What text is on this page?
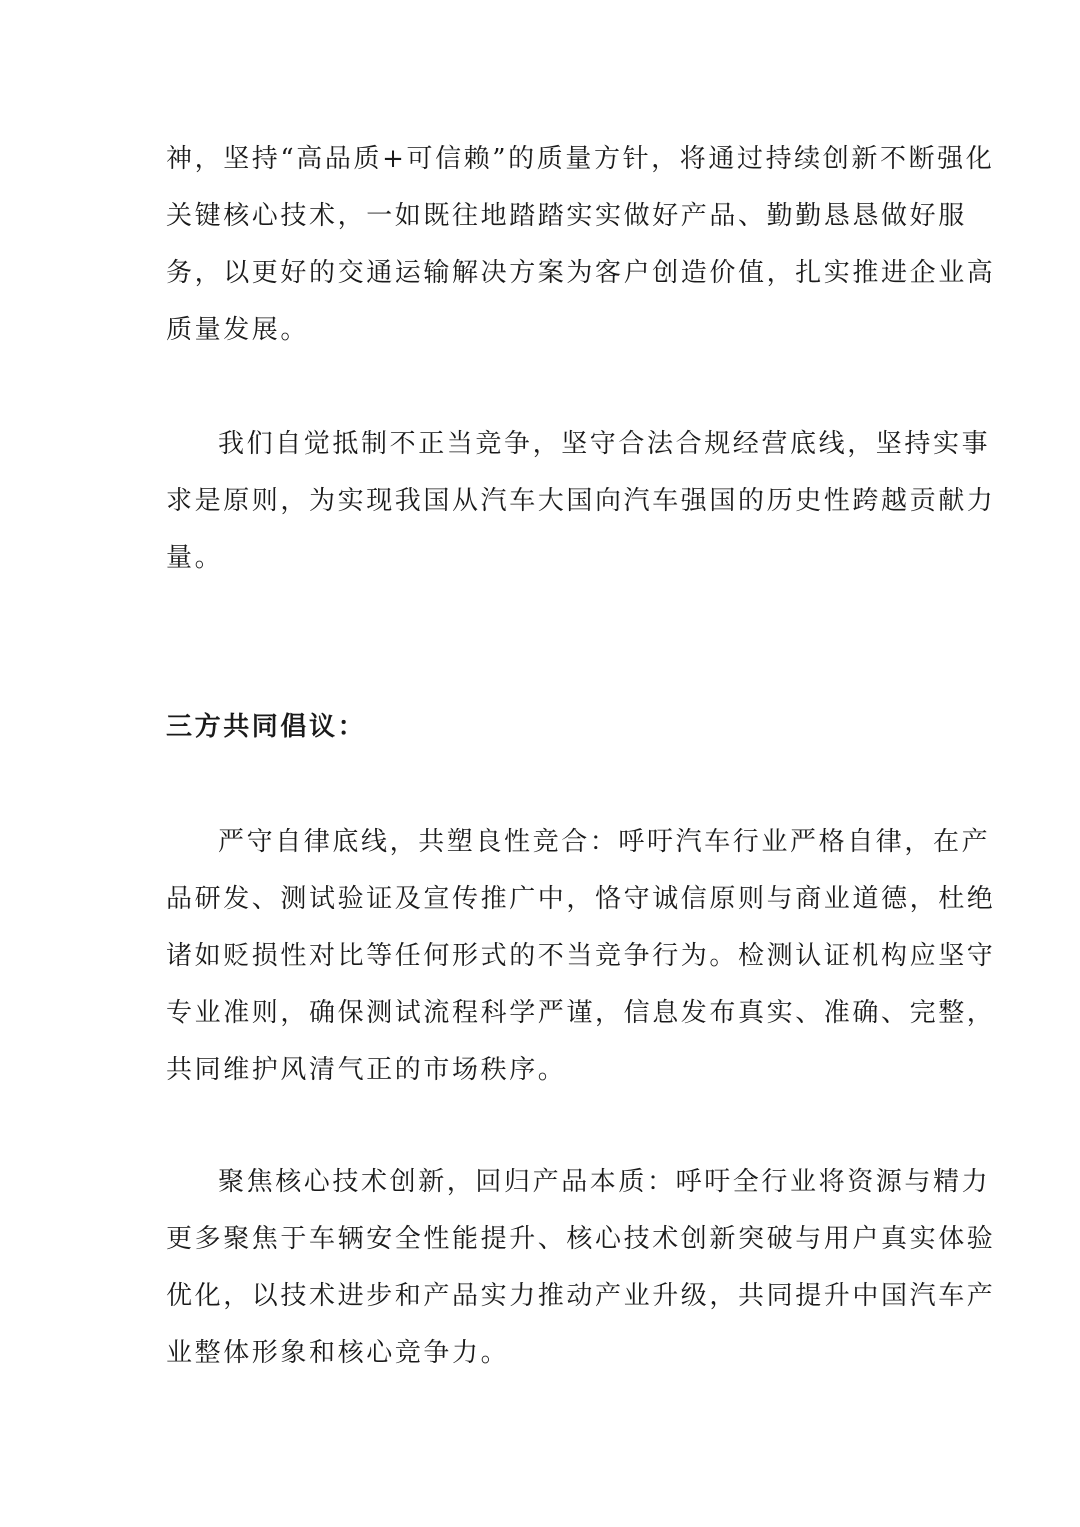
神，坚持“高品质+可信赖”的质量方针，将通过持续创新不断强化
关键核心技术，一如既往地踏踏实实做好产品、勤勤恳恳做好服
务，以更好的交通运输解决方案为客户创造价值，扎实推进企业高
质量发展。
我们自觉抵制不正当竞争，坚守合法合规经营底线，坚持实事
求是原则，为实现我国从汽车大国向汽车强国的历史性跨越贡献力
量。
三方共同倡议：
严守自律底线，共塑良性竞合：呼吁汽车行业严格自律，在产
品研发、测试验证及宣传推广中，恪守诚信原则与商业道德，杜绝
诸如贬损性对比等任何形式的不当竞争行为。检测认证机构应坚守
专业准则，确保测试流程科学严谨，信息发布真实、准确、完整，
共同维护风清气正的市场秩序。
聚焦核心技术创新，回归产品本质：呼吁全行业将资源与精力
更多聚焦于车辆安全性能提升、核心技术创新突破与用户真实体验
优化，以技术进步和产品实力推动产业升级，共同提升中国汽车产
业整体形象和核心竞争力。
